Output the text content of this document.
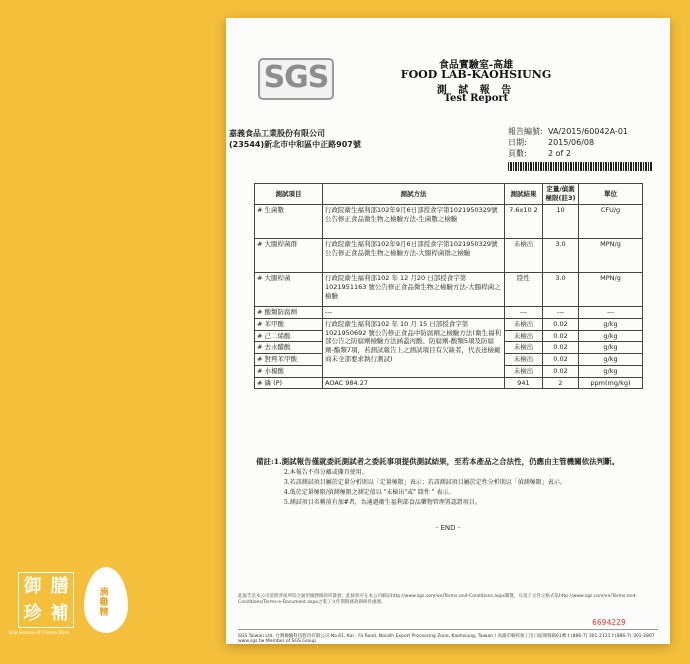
SGS	食品實驗室-高雄
FOOD LAB-KAOHSIUNG
測 試 報 告
Test Report
嘉義食品工業股份有限公司
(23544)新北市中和區中正路907號
報告編號: VA/2015/60042A-01
日期:	2015/06/08
頁數:	2 of 2
測試項目	測試方法	測試結果	定量/偵測極限(註3)	單位
# 生菌數	行政院衛生福利部102年9月6日部授食字第1021950329號公告修正食品微生物之檢驗方法-生菌數之檢驗	7.6x10 2	10	CFU/g
# 大腸桿菌群	行政院衛生福利部102年9月6日部授食字第1021950329號公告修正食品微生物之檢驗方法-大腸桿菌群之檢驗	未檢出	3.0	MPN/g
# 大腸桿菌	行政院衛生福利部102 年 12 月20 日部授食字第1021951163 號公告修正食品微生物之檢驗方法-大腸桿菌之檢驗	陰性	3.0	MPN/g
# 酸類防腐劑	---	---	---	---
# 苯甲酸	行政院衛生福利部102 年 10 月 15 日部授食字第1021950692 號公告修正食品中防腐劑之檢驗方法(衛生福利部公告之防腐劑檢驗方法涵蓋丙酸、防腐劑-酸類5項及防腐劑-酯類7項，若測試報告上之測試項目有欠缺者，代表送檢廠商未全部要求執行測試)	未檢出	0.02	g/kg
# 己二烯酸		未檢出	0.02	g/kg
# 去水醋酸		未檢出	0.02	g/kg
# 對羥苯甲酸		未檢出	0.02	g/kg
# 水楊酸		未檢出	0.02	g/kg
# 磷 (P)	AOAC 984.27	941	2	ppm(mg/kg)
備註:1.測試報告僅就委託測試者之委託事項提供測試結果，至若本產品之合法性，仍應由主管機關依法判斷。
2.本報告不得分離或撕頁使用。
3.若該測試項目屬於定量分析則以「定量極限」表示；若該測試項目屬於定性分析則以「偵測極限」表示。
4.低於定量極限/偵測極限之測定值以 "未檢出"或" 陰性 " 表示。
5.測試項目名稱前有加#者，為通過衛生福利部食品藥物管理署認證項目。
- END -
此報告是本公司依照背面所印之通用服務條款所簽發，此條款可在本公司網站http://www.sgs.com/en/Terms-and-Conditions.aspx閱覽，凡電子文件之格式依http://www.sgs.com/en/Terms-and-Conditions/Terms-e-Document.aspx之電子文件期限條款與條件處理。
6694229
SGS Taiwan Ltd. 台灣檢驗科技股份有限公司 No.61, Kai - Fa Road, Nanzih Export Processing Zone, Kaohsiung, Taiwan / 高雄市楠梓加工出口區開發路61號 t (886-7) 301-2121 f (886-7) 301-2807 www.sgs.tw Member of SGS Group
御 膳
珍 補
Drip Essence of Chicken Drink
滴雞精
